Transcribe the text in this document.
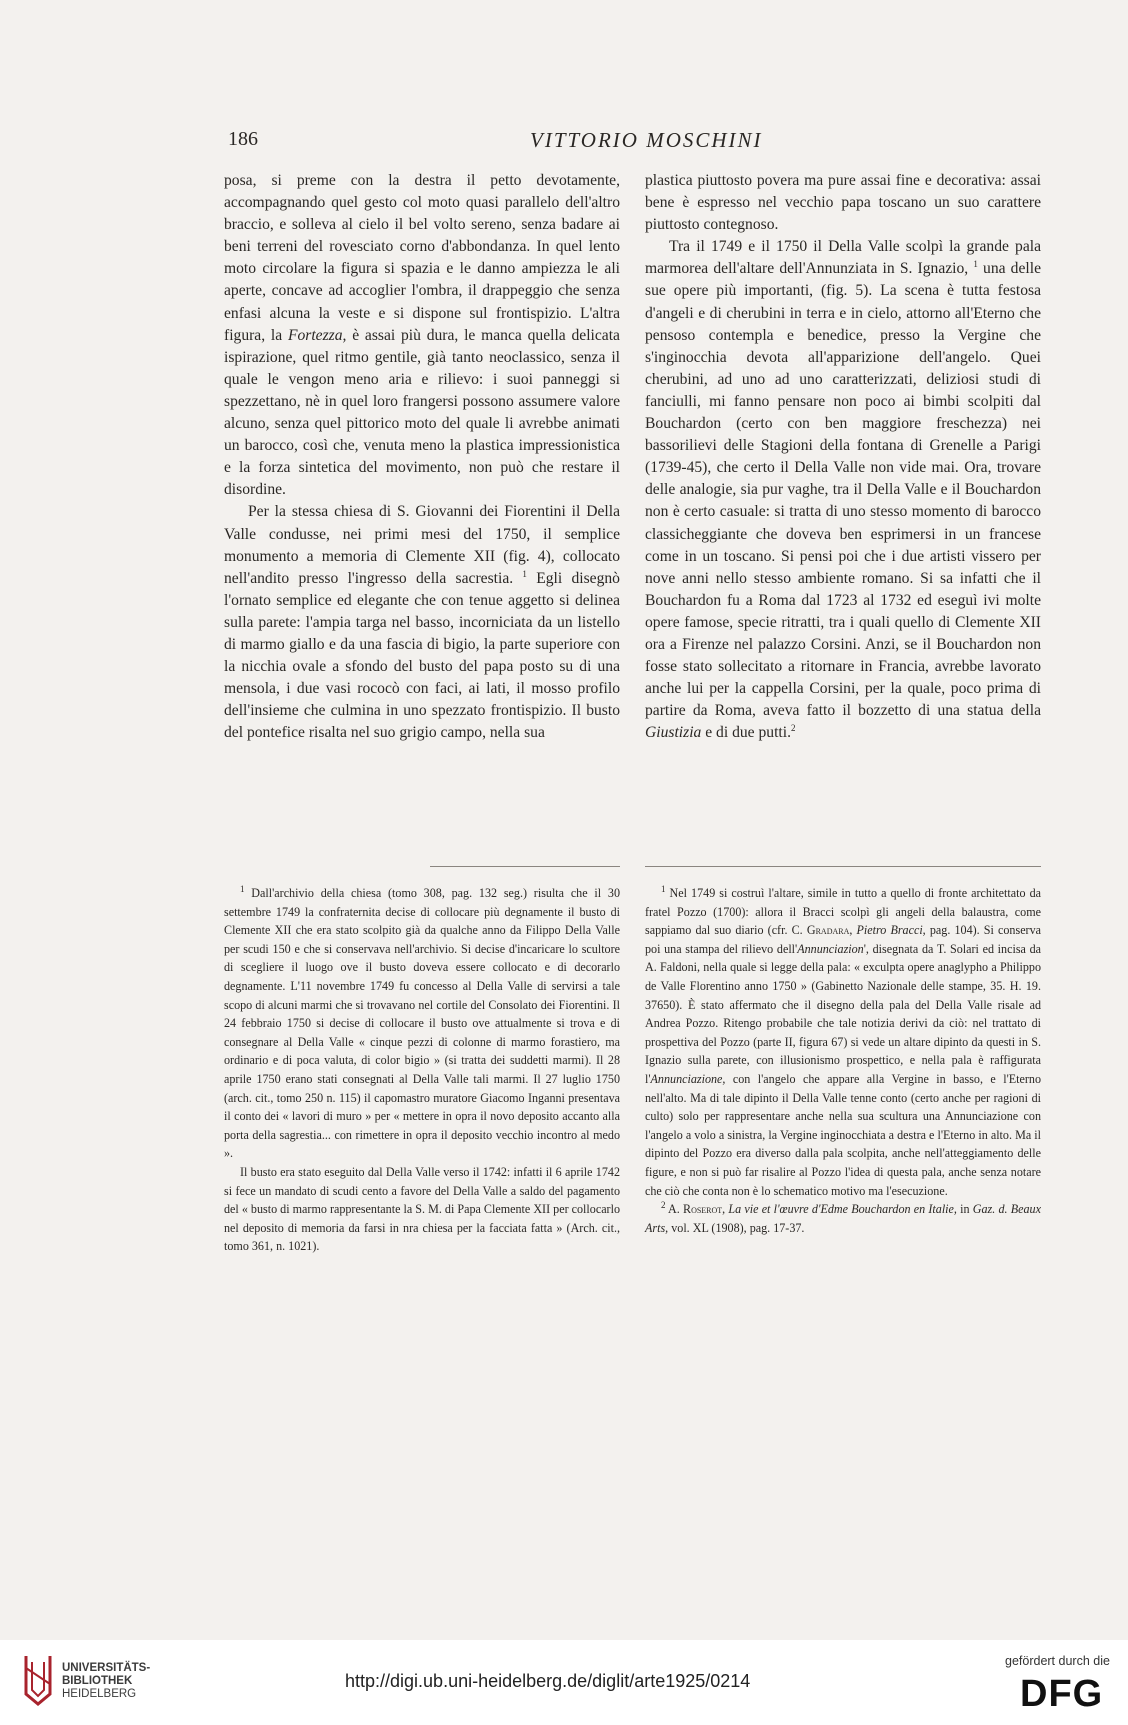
186	VITTORIO MOSCHINI

posa, si preme con la destra il petto devotamente, accompagnando quel gesto col moto quasi parallelo dell'altro braccio, e solleva al cielo il bel volto sereno, senza badare ai beni terreni del rovesciato corno d'abbondanza. In quel lento moto circolare la figura si spazia e le danno ampiezza le ali aperte, concave ad accoglier l'ombra, il drappeggio che senza enfasi alcuna la veste e si dispone sul frontispizio. L'altra figura, la Fortezza, è assai più dura, le manca quella delicata ispirazione, quel ritmo gentile, già tanto neoclassico, senza il quale le vengon meno aria e rilievo: i suoi panneggi si spezzettano, nè in quel loro frangersi possono assumere valore alcuno, senza quel pittorico moto del quale li avrebbe animati un barocco, così che, venuta meno la plastica impressionistica e la forza sintetica del movimento, non può che restare il disordine.

Per la stessa chiesa di S. Giovanni dei Fiorentini il Della Valle condusse, nei primi mesi del 1750, il semplice monumento a memoria di Clemente XII (fig. 4), collocato nell'andito presso l'ingresso della sacrestia. $^1$ Egli disegnò l'ornato semplice ed elegante che con tenue aggetto si delinea sulla parete: l'ampia targa nel basso, incorniciata da un listello di marmo giallo e da una fascia di bigio, la parte superiore con la nicchia ovale a sfondo del busto del papa posto su di una mensola, i due vasi rococò con faci, ai lati, il mosso profilo dell'insieme che culmina in uno spezzato frontispizio. Il busto del pontefice risalta nel suo grigio campo, nella sua

plastica piuttosto povera ma pure assai fine e decorativa: assai bene è espresso nel vecchio papa toscano un suo carattere piuttosto contegnoso.

Tra il 1749 e il 1750 il Della Valle scolpì la grande pala marmorea dell'altare dell'Annunziata in S. Ignazio, $^1$ una delle sue opere più importanti, (fig. 5). La scena è tutta festosa d'angeli e di cherubini in terra e in cielo, attorno all'Eterno che pensoso contempla e benedice, presso la Vergine che s'inginocchia devota all'apparizione dell'angelo. Quei cherubini, ad uno ad uno caratterizzati, deliziosi studi di fanciulli, mi fanno pensare non poco ai bimbi scolpiti dal Bouchardon (certo con ben maggiore freschezza) nei bassorilievi delle Stagioni della fontana di Grenelle a Parigi (1739-45), che certo il Della Valle non vide mai. Ora, trovare delle analogie, sia pur vaghe, tra il Della Valle e il Bouchardon non è certo casuale: si tratta di uno stesso momento di barocco classicheggiante che doveva ben esprimersi in un francese come in un toscano. Si pensi poi che i due artisti vissero per nove anni nello stesso ambiente romano. Si sa infatti che il Bouchardon fu a Roma dal 1723 al 1732 ed eseguì ivi molte opere famose, specie ritratti, tra i quali quello di Clemente XII ora a Firenze nel palazzo Corsini. Anzi, se il Bouchardon non fosse stato sollecitato a ritornare in Francia, avrebbe lavorato anche lui per la cappella Corsini, per la quale, poco prima di partire da Roma, aveva fatto il bozzetto di una statua della Giustizia e di due putti.$^2$

$^1$ Dall'archivio della chiesa (tomo 308, pag. 132 seg.) risulta che il 30 settembre 1749 la confraternita decise di collocare più degnamente il busto di Clemente XII che era stato scolpito già da qualche anno da Filippo Della Valle per scudi 150 e che si conservava nell'archivio. Si decise d'incaricare lo scultore di scegliere il luogo ove il busto doveva essere collocato e di decorarlo degnamente. L'11 novembre 1749 fu concesso al Della Valle di servirsi a tale scopo di alcuni marmi che si trovavano nel cortile del Consolato dei Fiorentini. Il 24 febbraio 1750 si decise di collocare il busto ove attualmente si trova e di consegnare al Della Valle « cinque pezzi di colonne di marmo forastiero, ma ordinario e di poca valuta, di color bigio » (si tratta dei suddetti marmi). Il 28 aprile 1750 erano stati consegnati al Della Valle tali marmi. Il 27 luglio 1750 (arch. cit., tomo 250 n. 115) il capomastro muratore Giacomo Inganni presentava il conto dei « lavori di muro » per « mettere in opra il novo deposito accanto alla porta della sagrestia... con rimettere in opra il deposito vecchio incontro al medo ».

Il busto era stato eseguito dal Della Valle verso il 1742: infatti il 6 aprile 1742 si fece un mandato di scudi cento a favore del Della Valle a saldo del pagamento del « busto di marmo rappresentante la S. M. di Papa Clemente XII per collocarlo nel deposito di memoria da farsi in nra chiesa per la facciata fatta » (Arch. cit., tomo 361, n. 1021).

$^1$ Nel 1749 si costruì l'altare, simile in tutto a quello di fronte architettato da fratel Pozzo (1700): allora il Bracci scolpì gli angeli della balaustra, come sappiamo dal suo diario (cfr. C. Gradara, Pietro Bracci, pag. 104). Si conserva poi una stampa del rilievo dell'Annunciazion', disegnata da T. Solari ed incisa da A. Faldoni, nella quale si legge della pala: « exculpta opere anaglypho a Philippo de Valle Florentino anno 1750 » (Gabinetto Nazionale delle stampe, 35. H. 19. 37650). È stato affermato che il disegno della pala del Della Valle risale ad Andrea Pozzo. Ritengo probabile che tale notizia derivi da ciò: nel trattato di prospettiva del Pozzo (parte II, figura 67) si vede un altare dipinto da questi in S. Ignazio sulla parete, con illusionismo prospettico, e nella pala è raffigurata l'Annunciazione, con l'angelo che appare alla Vergine in basso, e l'Eterno nell'alto. Ma di tale dipinto il Della Valle tenne conto (certo anche per ragioni di culto) solo per rappresentare anche nella sua scultura una Annunciazione con l'angelo a volo a sinistra, la Vergine inginocchiata a destra e l'Eterno in alto. Ma il dipinto del Pozzo era diverso dalla pala scolpita, anche nell'atteggiamento delle figure, e non si può far risalire al Pozzo l'idea di questa pala, anche senza notare che ciò che conta non è lo schematico motivo ma l'esecuzione.

$^2$ A. Roserot, La vie et l'œuvre d'Edme Bouchardon en Italie, in Gaz. d. Beaux Arts, vol. XL (1908), pag. 17-37.

UNIVERSITÄTS-
BIBLIOTHEK
HEIDELBERG
http://digi.ub.uni-heidelberg.de/diglit/arte1925/0214
gefördert durch die
DFG
